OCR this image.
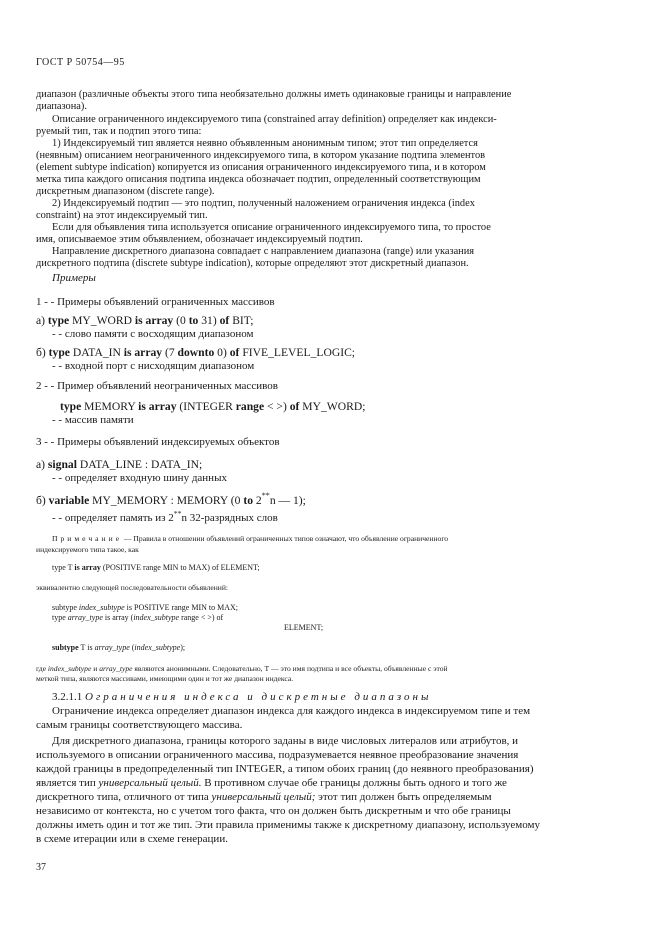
ГОСТ Р 50754—95
диапазон (различные объекты этого типа необязательно должны иметь одинаковые границы и направление
диапазона).
Описание ограниченного индексируемого типа (constrained array definition) определяет как индекси-
руемый тип, так и подтип этого типа:
1) Индексируемый тип является неявно объявленным анонимным типом; этот тип определяется
(неявным) описанием неограниченного индексируемого типа, в котором указание подтипа элементов
(element subtype indication) копируется из описания ограниченного индексируемого типа, и в котором
метка типа каждого описания подтипа индекса обозначает подтип, определенный соответствующим
дискретным диапазоном (discrete range).
2) Индексируемый подтип — это подтип, полученный наложением ограничения индекса (index
constraint) на этот индексируемый тип.
Если для объявления типа используется описание ограниченного индексируемого типа, то простое
имя, описываемое этим объявлением, обозначает индексируемый подтип.
Направление дискретного диапазона совпадает с направлением диапазона (range) или указания
дискретного подтипа (discrete subtype indication), которые определяют этот дискретный диапазон.
Примеры
1 - - Примеры объявлений ограниченных массивов
а) type MY_WORD is array (0 to 31) of BIT;
- - слово памяти с восходящим диапазоном
б) type DATA_IN is array (7 downto 0) of FIVE_LEVEL_LOGIC;
- - входной порт с нисходящим диапазоном
2 - - Пример объявлений неограниченных массивов
type MEMORY is array (INTEGER range < >) of MY_WORD;
- - массив памяти
3 - - Примеры объявлений индексируемых объектов
а) signal DATA_LINE : DATA_IN;
- - определяет входную шину данных
б) variable MY_MEMORY : MEMORY (0 to 2**n — 1);
- - определяет память из 2**n 32-разрядных слов
Примечание — Правила в отношении объявлений ограниченных типов означают, что объявление ограниченного
индексируемого типа такое, как
type T is array (POSITIVE range MIN to MAX) of ELEMENT;
эквивалентно следующей последовательности объявлений:
subtype index_subtype is POSITIVE range MIN to MAX;
type array_type is array (index_subtype range < >) of
ELEMENT;
subtype T is array_type (index_subtype);
где index_subtype и array_type являются анонимными. Следовательно, Т — это имя подтипа и все объекты, объявленные с этой
меткой типа, являются массивами, имеющими один и тот же диапазон индекса.
3.2.1.1 Ограничения индекса и дискретные диапазоны
Ограничение индекса определяет диапазон индекса для каждого индекса в индексируемом типе и тем
самым границы соответствующего массива.
Для дискретного диапазона, границы которого заданы в виде числовых литералов или атрибутов, и
используемого в описании ограниченного массива, подразумевается неявное преобразование значения
каждой границы в предопределенный тип INTEGER, а типом обоих границ (до неявного преобразования)
является тип универсальный целый. В противном случае обе границы должны быть одного и того же
дискретного типа, отличного от типа универсальный целый; этот тип должен быть определяемым
независимо от контекста, но с учетом того факта, что он должен быть дискретным и что обе границы
должны иметь один и тот же тип. Эти правила применимы также к дискретному диапазону, используемому
в схеме итерации или в схеме генерации.
37
